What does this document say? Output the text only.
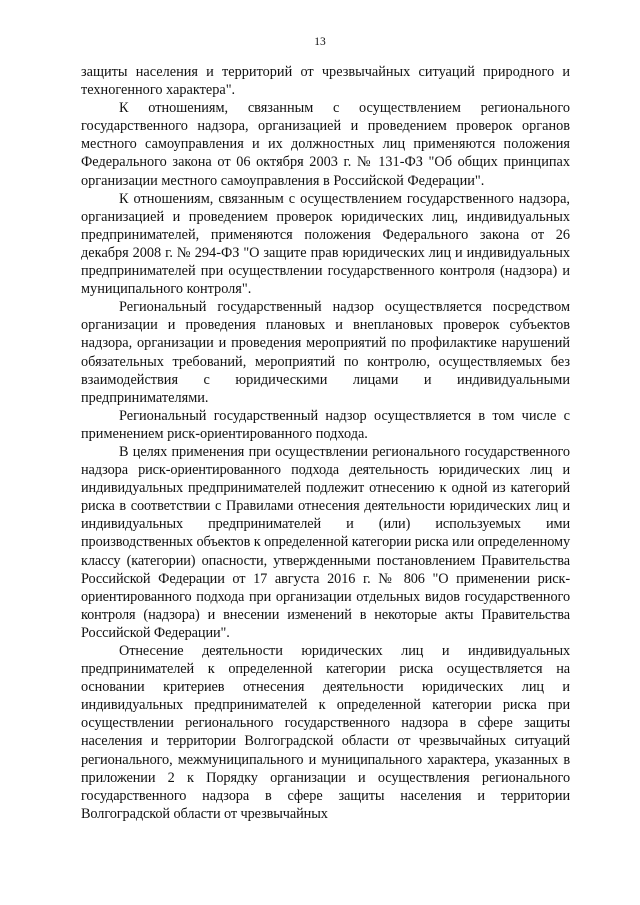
13

защиты населения и территорий от чрезвычайных ситуаций природного и техногенного характера".

К отношениям, связанным с осуществлением регионального государственного надзора, организацией и проведением проверок органов местного самоуправления и их должностных лиц применяются положения Федерального закона от 06 октября 2003 г. № 131-ФЗ "Об общих принципах организации местного самоуправления в Российской Федерации".

К отношениям, связанным с осуществлением государственного надзора, организацией и проведением проверок юридических лиц, индивидуальных предпринимателей, применяются положения Федерального закона от 26 декабря 2008 г. № 294-ФЗ "О защите прав юридических лиц и индивидуальных предпринимателей при осуществлении государственного контроля (надзора) и муниципального контроля".

Региональный государственный надзор осуществляется посредством организации и проведения плановых и внеплановых проверок субъектов надзора, организации и проведения мероприятий по профилактике нарушений обязательных требований, мероприятий по контролю, осуществляемых без взаимодействия с юридическими лицами и индивидуальными предпринимателями.

Региональный государственный надзор осуществляется в том числе с применением риск-ориентированного подхода.

В целях применения при осуществлении регионального государственного надзора риск-ориентированного подхода деятельность юридических лиц и индивидуальных предпринимателей подлежит отнесению к одной из категорий риска в соответствии с Правилами отнесения деятельности юридических лиц и индивидуальных предпринимателей и (или) используемых ими производственных объектов к определенной категории риска или определенному классу (категории) опасности, утвержденными постановлением Правительства Российской Федерации от 17 августа 2016 г. № 806 "О применении риск-ориентированного подхода при организации отдельных видов государственного контроля (надзора) и внесении изменений в некоторые акты Правительства Российской Федерации".

Отнесение деятельности юридических лиц и индивидуальных предпринимателей к определенной категории риска осуществляется на основании критериев отнесения деятельности юридических лиц и индивидуальных предпринимателей к определенной категории риска при осуществлении регионального государственного надзора в сфере защиты населения и территории Волгоградской области от чрезвычайных ситуаций регионального, межмуниципального и муниципального характера, указанных в приложении 2 к Порядку организации и осуществления регионального государственного надзора в сфере защиты населения и территории Волгоградской области от чрезвычайных
